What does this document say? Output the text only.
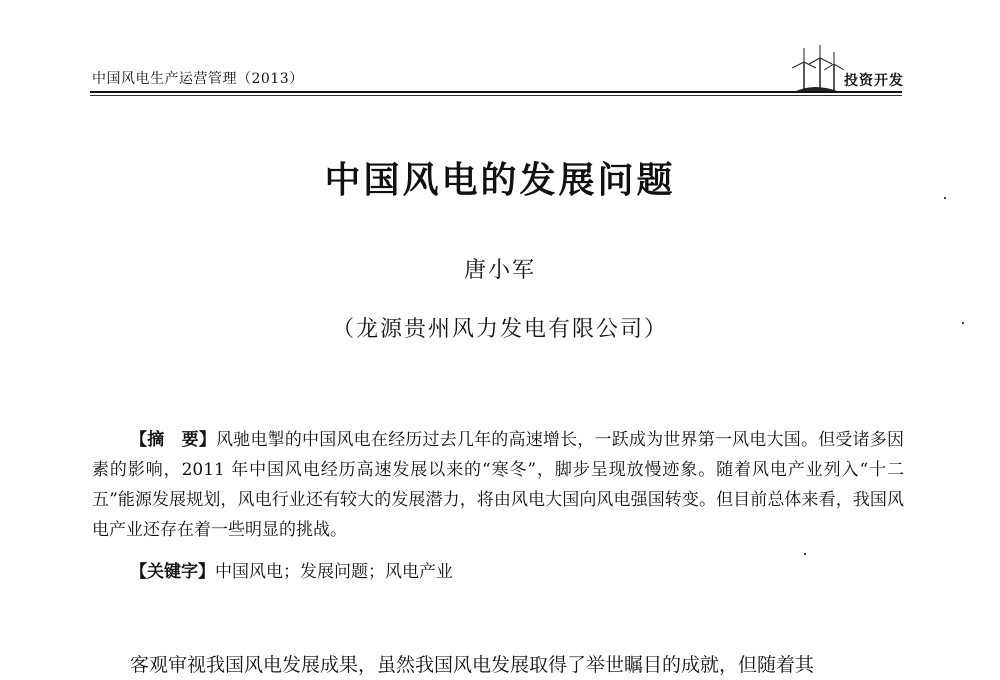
中国风电生产运营管理（2013）	投资开发
中国风电的发展问题
唐小军
（龙源贵州风力发电有限公司）
【摘　要】风驰电掣的中国风电在经历过去几年的高速增长，一跃成为世界第一风电大国。但受诸多因素的影响，2011 年中国风电经历高速发展以来的“寒冬”，脚步呈现放慢迹象。随着风电产业列入“十二五”能源发展规划，风电行业还有较大的发展潜力，将由风电大国向风电强国转变。但目前总体来看，我国风电产业还存在着一些明显的挑战。
【关键字】中国风电；发展问题；风电产业
客观审视我国风电发展成果，虽然我国风电发展取得了举世瞩目的成就，但随着其
